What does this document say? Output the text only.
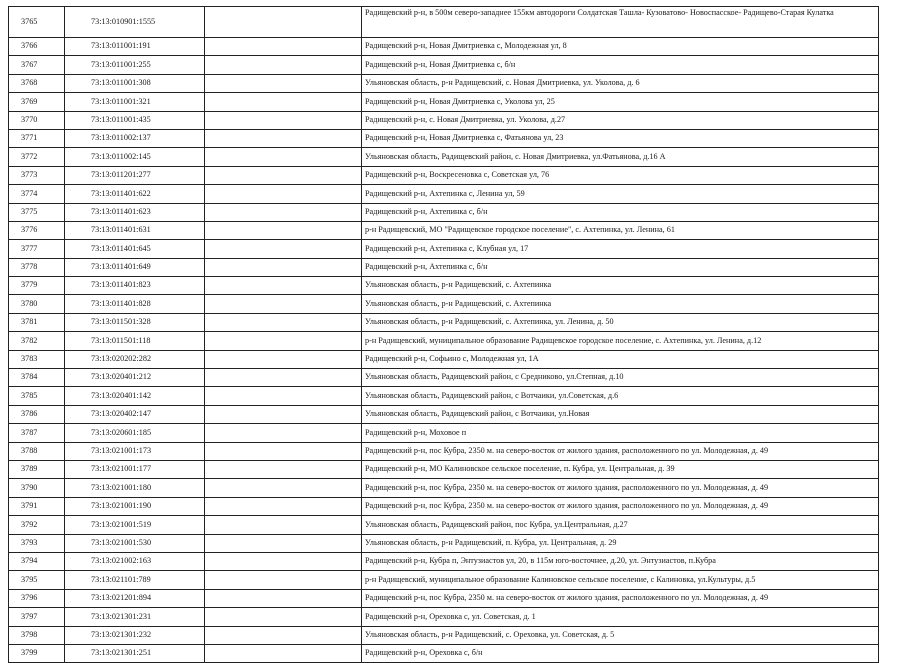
3765	73:13:010901:1555		Радищевский р-н, в 500м северо-западнее 155км автодороги Солдатская Ташла- Кузоватово- Новоспасское- Радищево-Старая Кулатка
3766	73:13:011001:191		Радищевский р-н, Новая Дмитриевка с, Молодежная ул, 8
3767	73:13:011001:255		Радищевский р-н, Новая Дмитриевка с, б/н
3768	73:13:011001:308		Ульяновская область, р-н Радищевский, с. Новая Дмитриевка, ул. Уколова, д. 6
3769	73:13:011001:321		Радищевский р-н, Новая Дмитриевка с, Уколова ул, 25
3770	73:13:011001:435		Радищевский р-н, с. Новая Дмитриевка, ул. Уколова, д.27
3771	73:13:011002:137		Радищевский р-н, Новая Дмитриевка с, Фатьянова ул, 23
3772	73:13:011002:145		Ульяновская область, Радищевский район, с. Новая Дмитриевка, ул.Фатьянова, д.16 А
3773	73:13:011201:277		Радищевский р-н, Воскресеновка с, Советская ул, 76
3774	73:13:011401:622		Радищевский р-н, Ахтепинка с, Ленина ул, 59
3775	73:13:011401:623		Радищевский р-н, Ахтепинка с, б/н
3776	73:13:011401:631		р-н Радищевский, МО "Радищевское городское поселение", с. Ахтепинка, ул. Ленина, 61
3777	73:13:011401:645		Радищевский р-н, Ахтепинка с, Клубная ул, 17
3778	73:13:011401:649		Радищевский р-н, Ахтепинка с, б/н
3779	73:13:011401:823		Ульяновская область, р-н Радищевский, с. Ахтепинка
3780	73:13:011401:828		Ульяновская область, р-н Радищевский, с. Ахтепинка
3781	73:13:011501:328		Ульяновская область, р-н Радищевский, с. Ахтепинка, ул. Ленина, д. 50
3782	73:13:011501:118		р-н Радищевский, муниципальное образование Радищевское городское поселение, с. Ахтепинка, ул. Ленина, д.12
3783	73:13:020202:282		Радищевский р-н, Софьино с, Молодежная ул, 1А
3784	73:13:020401:212		Ульяновская область, Радищевский район, с Средниково, ул.Степная, д.10
3785	73:13:020401:142		Ульяновская область, Радищевский район, с Вотчаики, ул.Советская, д.6
3786	73:13:020402:147		Ульяновская область, Радищевский район, с Вотчаики, ул.Новая
3787	73:13:020601:185		Радищевский р-н, Моховое п
3788	73:13:021001:173		Радищевский р-н, пос Кубра, 2350 м. на северо-восток от жилого здания, расположенного по ул. Молодежная, д. 49
3789	73:13:021001:177		Радищевский р-н, МО Калиновское сельское поселение, п. Кубра, ул. Центральная, д. 39
3790	73:13:021001:180		Радищевский р-н, пос Кубра, 2350 м. на северо-восток от жилого здания, расположенного по ул. Молодежная, д. 49
3791	73:13:021001:190		Радищевский р-н, пос Кубра, 2350 м. на северо-восток от жилого здания, расположенного по ул. Молодежная, д. 49
3792	73:13:021001:519		Ульяновская область, Радищевский район, пос Кубра, ул.Центральная, д.27
3793	73:13:021001:530		Ульяновская область, р-н Радищевский, п. Кубра, ул. Центральная, д. 29
3794	73:13:021002:163		Радищевский р-н, Кубра п, Энтузиастов ул, 20, в 115м юго-восточнее, д.20, ул. Энтузиастов, п.Кубра
3795	73:13:021101:789		р-н Радищевский, муниципальное образование Калиновское сельское поселение, с Калиновка, ул.Культуры, д.5
3796	73:13:021201:894		Радищевский р-н, пос Кубра, 2350 м. на северо-восток от жилого здания, расположенного по ул. Молодежная, д. 49
3797	73:13:021301:231		Радищевский р-н, Ореховка с, ул. Советская, д. 1
3798	73:13:021301:232		Ульяновская область, р-н Радищевский, с. Ореховка, ул. Советская, д. 5
3799	73:13:021301:251		Радищевский р-н, Ореховка с, б/н
